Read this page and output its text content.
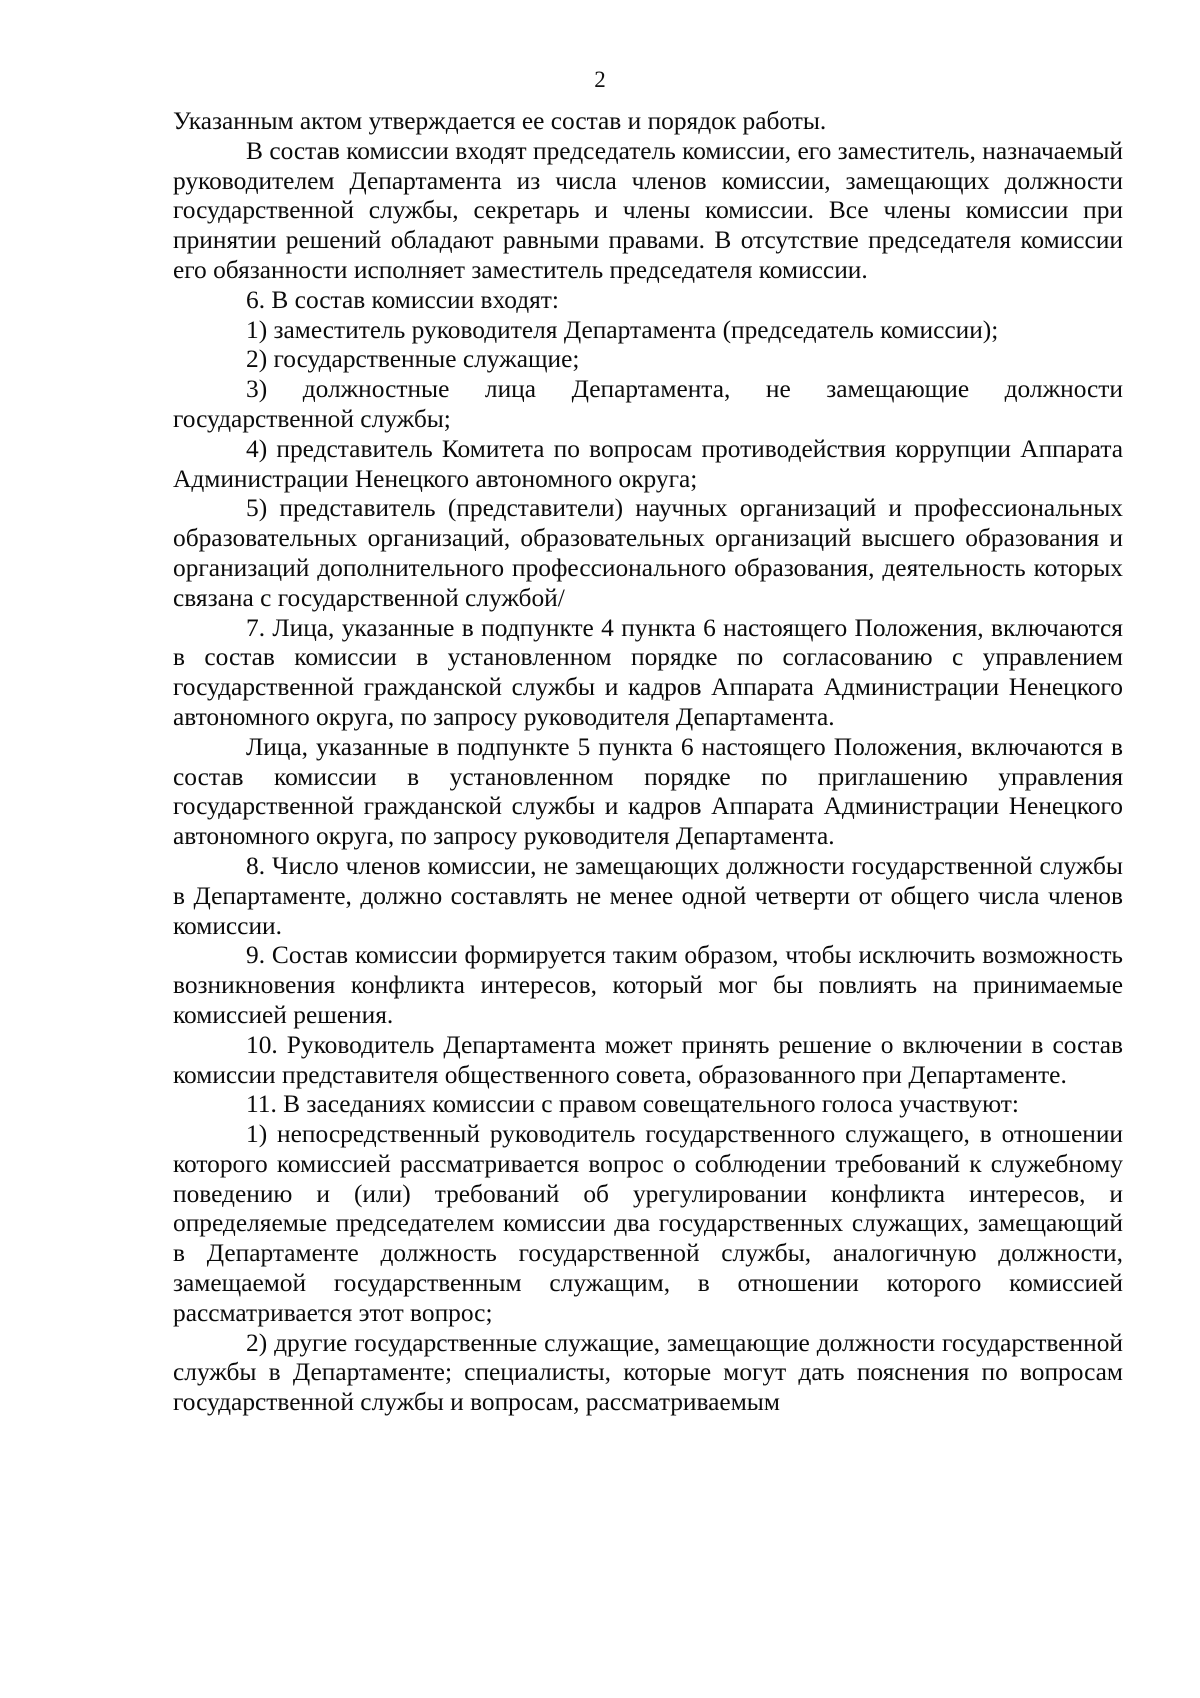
2

Указанным актом утверждается ее состав и порядок работы.

В состав комиссии входят председатель комиссии, его заместитель, назначаемый руководителем Департамента из числа членов комиссии, замещающих должности государственной службы, секретарь и члены комиссии. Все члены комиссии при принятии решений обладают равными правами. В отсутствие председателя комиссии его обязанности исполняет заместитель председателя комиссии.

6. В состав комиссии входят:

1) заместитель руководителя Департамента (председатель комиссии);

2) государственные служащие;

3) должностные лица Департамента, не замещающие должности государственной службы;

4) представитель Комитета по вопросам противодействия коррупции Аппарата Администрации Ненецкого автономного округа;

5) представитель (представители) научных организаций и профессиональных образовательных организаций, образовательных организаций высшего образования и организаций дополнительного профессионального образования, деятельность которых связана с государственной службой/

7. Лица, указанные в подпункте 4 пункта 6 настоящего Положения, включаются в состав комиссии в установленном порядке по согласованию с управлением государственной гражданской службы и кадров Аппарата Администрации Ненецкого автономного округа, по запросу руководителя Департамента.

Лица, указанные в подпункте 5 пункта 6 настоящего Положения, включаются в состав комиссии в установленном порядке по приглашению управления государственной гражданской службы и кадров Аппарата Администрации Ненецкого автономного округа, по запросу руководителя Департамента.

8. Число членов комиссии, не замещающих должности государственной службы в Департаменте, должно составлять не менее одной четверти от общего числа членов комиссии.

9. Состав комиссии формируется таким образом, чтобы исключить возможность возникновения конфликта интересов, который мог бы повлиять на принимаемые комиссией решения.

10. Руководитель Департамента может принять решение о включении в состав комиссии представителя общественного совета, образованного при Департаменте.

11. В заседаниях комиссии с правом совещательного голоса участвуют:

1) непосредственный руководитель государственного служащего, в отношении которого комиссией рассматривается вопрос о соблюдении требований к служебному поведению и (или) требований об урегулировании конфликта интересов, и определяемые председателем комиссии два государственных служащих, замещающий в Департаменте должность государственной службы, аналогичную должности, замещаемой государственным служащим, в отношении которого комиссией рассматривается этот вопрос;

2) другие государственные служащие, замещающие должности государственной службы в Департаменте; специалисты, которые могут дать пояснения по вопросам государственной службы и вопросам, рассматриваемым
